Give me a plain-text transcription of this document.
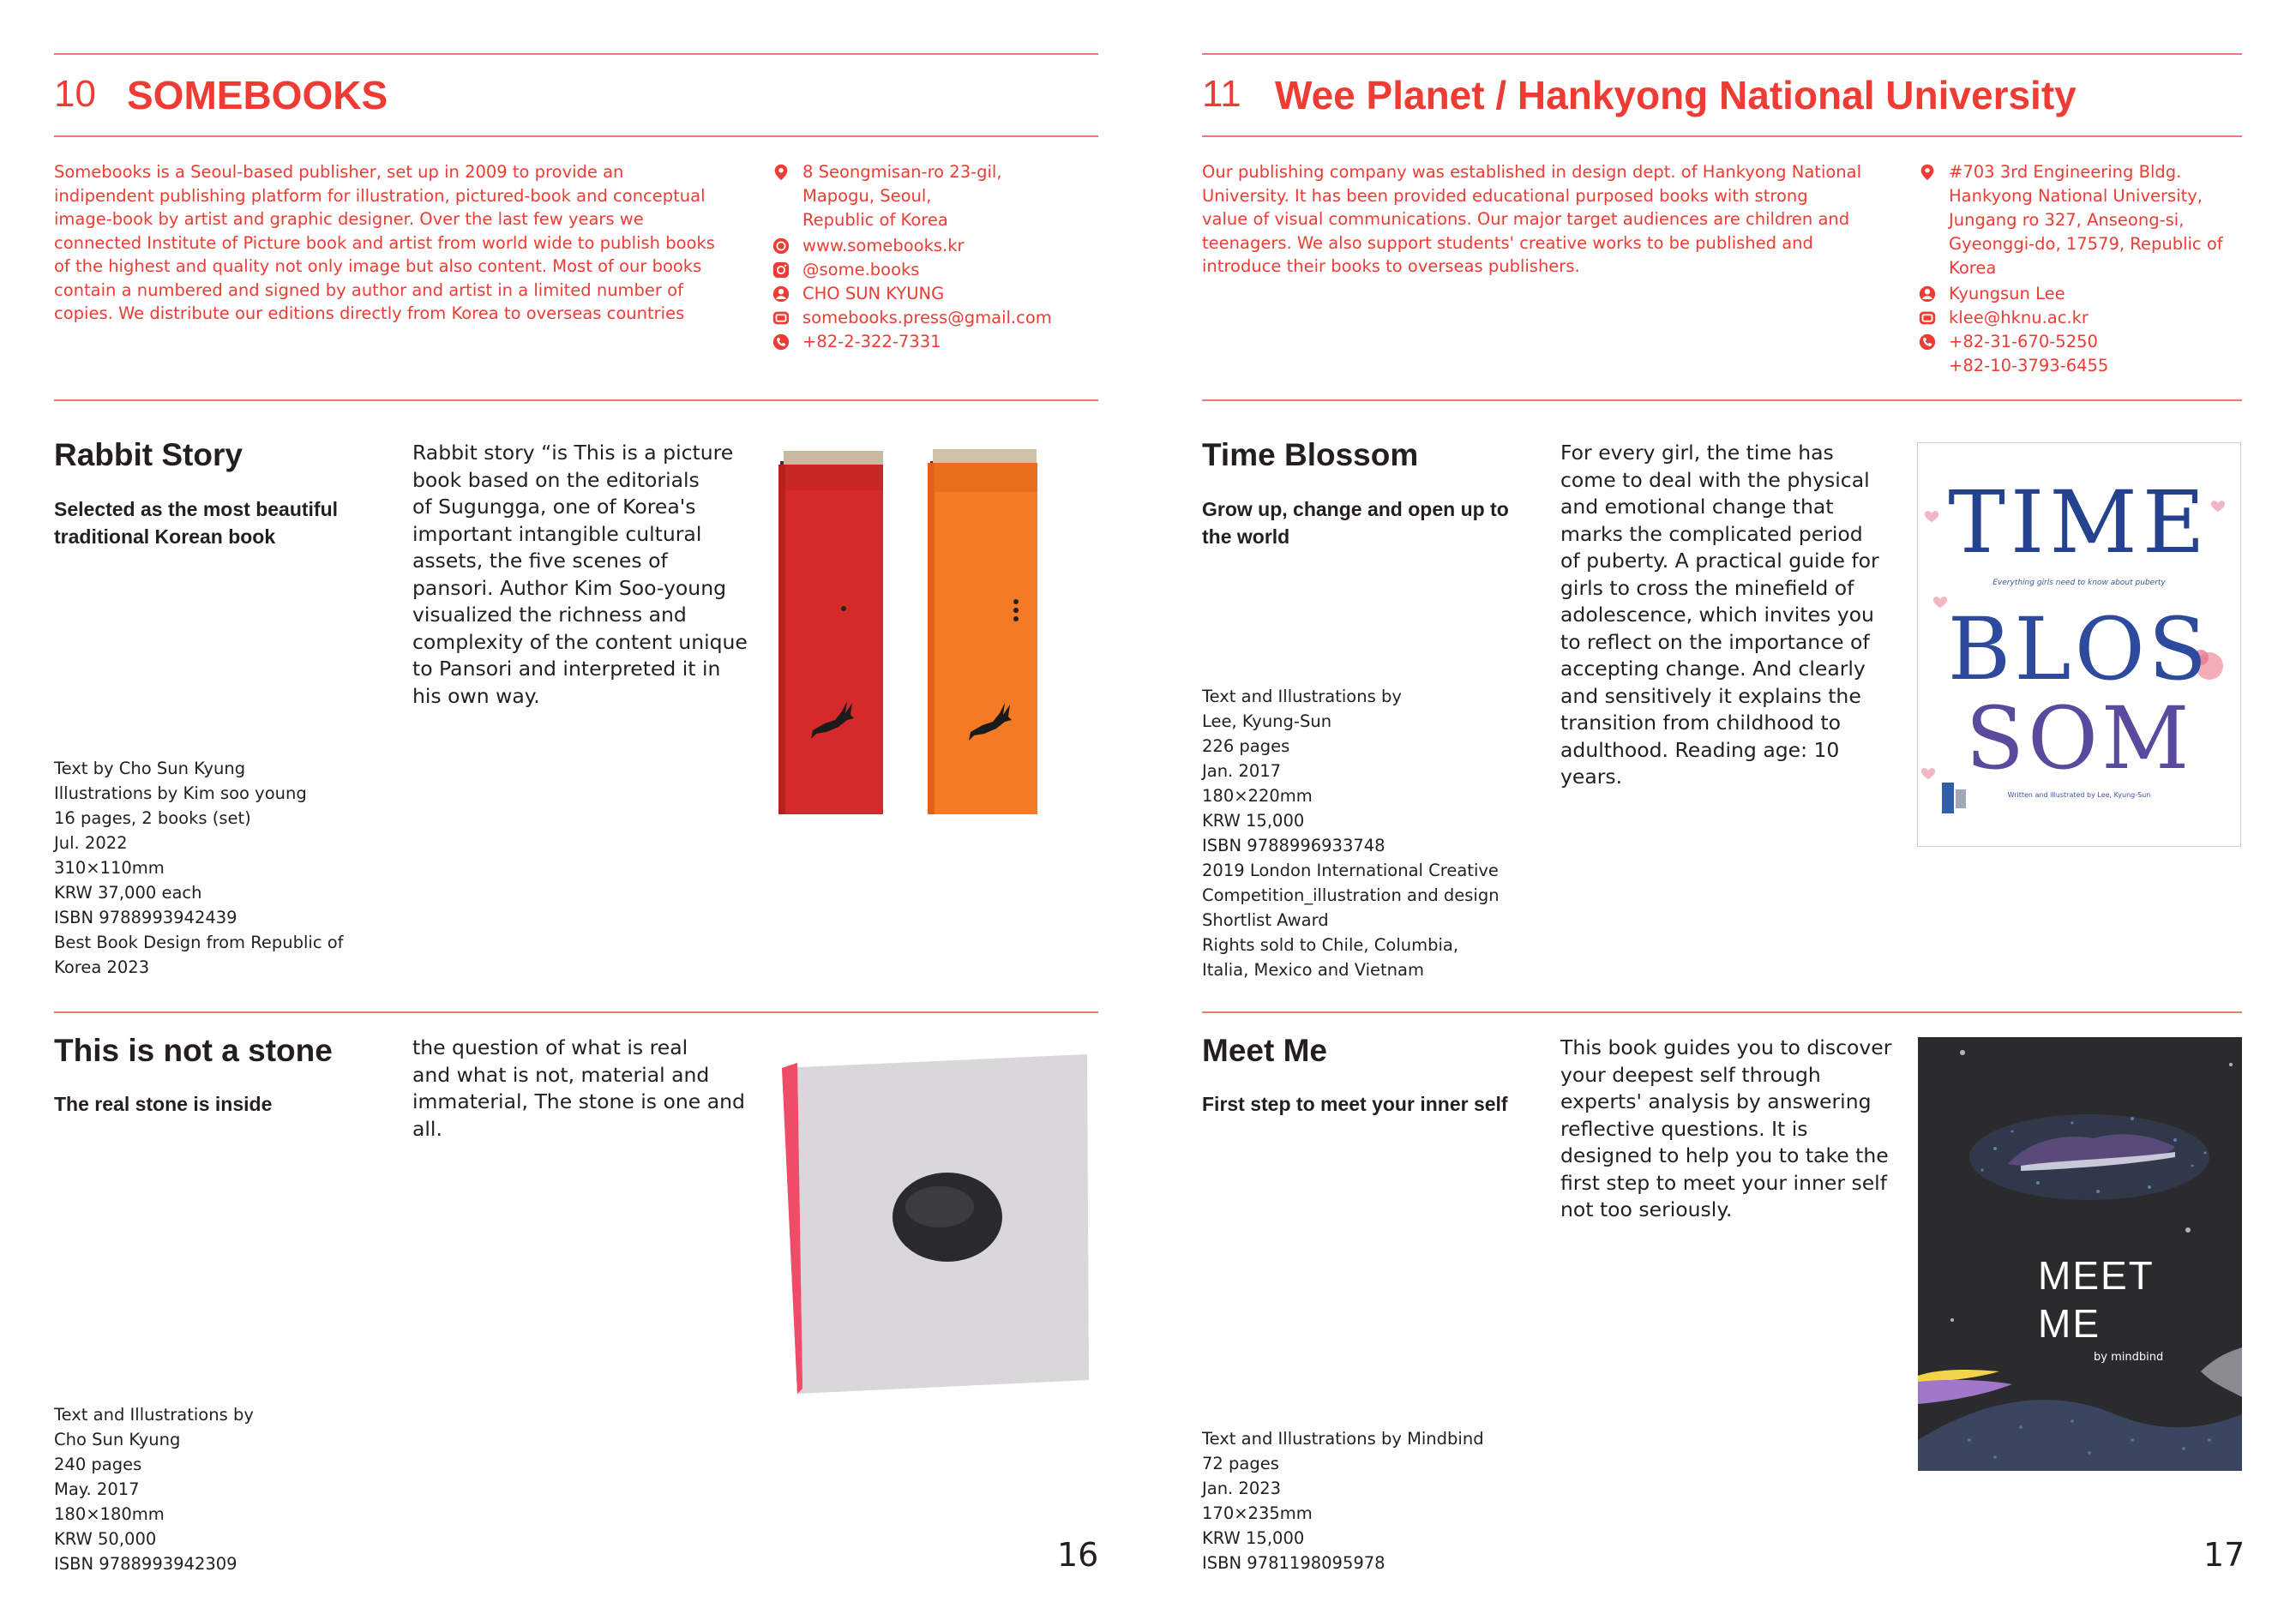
10 SOMEBOOKS
Somebooks is a Seoul-based publisher, set up in 2009 to provide an
indipendent publishing platform for illustration, pictured-book and conceptual
image-book by artist and graphic designer. Over the last few years we
connected Institute of Picture book and artist from world wide to publish books
of the highest and quality not only image but also content. Most of our books
contain a numbered and signed by author and artist in a limited number of
copies. We distribute our editions directly from Korea to overseas countries
8 Seongmisan-ro 23-gil,
Mapogu, Seoul,
Republic of Korea
www.somebooks.kr
@some.books
CHO SUN KYUNG
somebooks.press@gmail.com
+82-2-322-7331
Rabbit Story
Selected as the most beautiful
traditional Korean book
Rabbit story “is This is a picture
book based on the editorials
of Sugungga, one of Korea's
important intangible cultural
assets, the five scenes of
pansori. Author Kim Soo-young
visualized the richness and
complexity of the content unique
to Pansori and interpreted it in
his own way.
Text by Cho Sun Kyung
Illustrations by Kim soo young
16 pages, 2 books (set)
Jul. 2022
310×110mm
KRW 37,000 each
ISBN 9788993942439
Best Book Design from Republic of
Korea 2023
This is not a stone
The real stone is inside
the question of what is real
and what is not, material and
immaterial, The stone is one and
all.
Text and Illustrations by
Cho Sun Kyung
240 pages
May. 2017
180×180mm
KRW 50,000
ISBN 9788993942309	16
11 Wee Planet / Hankyong National University
Our publishing company was established in design dept. of Hankyong National
University. It has been provided educational purposed books with strong
value of visual communications. Our major target audiences are children and
teenagers. We also support students' creative works to be published and
introduce their books to overseas publishers.
#703 3rd Engineering Bldg.
Hankyong National University,
Jungang ro 327, Anseong-si,
Gyeonggi-do, 17579, Republic of
Korea
Kyungsun Lee
klee@hknu.ac.kr
+82-31-670-5250
+82-10-3793-6455
Time Blossom
Grow up, change and open up to
the world
For every girl, the time has
come to deal with the physical
and emotional change that
marks the complicated period
of puberty. A practical guide for
girls to cross the minefield of
adolescence, which invites you
to reflect on the importance of
accepting change. And clearly
and sensitively it explains the
transition from childhood to
adulthood. Reading age: 10
years.
Text and Illustrations by
Lee, Kyung-Sun
226 pages
Jan. 2017
180×220mm
KRW 15,000
ISBN 9788996933748
2019 London International Creative
Competition_illustration and design
Shortlist Award
Rights sold to Chile, Columbia,
Italia, Mexico and Vietnam
TIME
Everything girls need to know about puberty
BLOS
SOM
Written and illustrated by Lee, Kyung-Sun
Meet Me
First step to meet your inner self
This book guides you to discover
your deepest self through
experts' analysis by answering
reflective questions. It is
designed to help you to take the
first step to meet your inner self
not too seriously.
Text and Illustrations by Mindbind
72 pages
Jan. 2023
170×235mm
KRW 15,000
ISBN 9781198095978
MEET
ME
by mindbind
17
